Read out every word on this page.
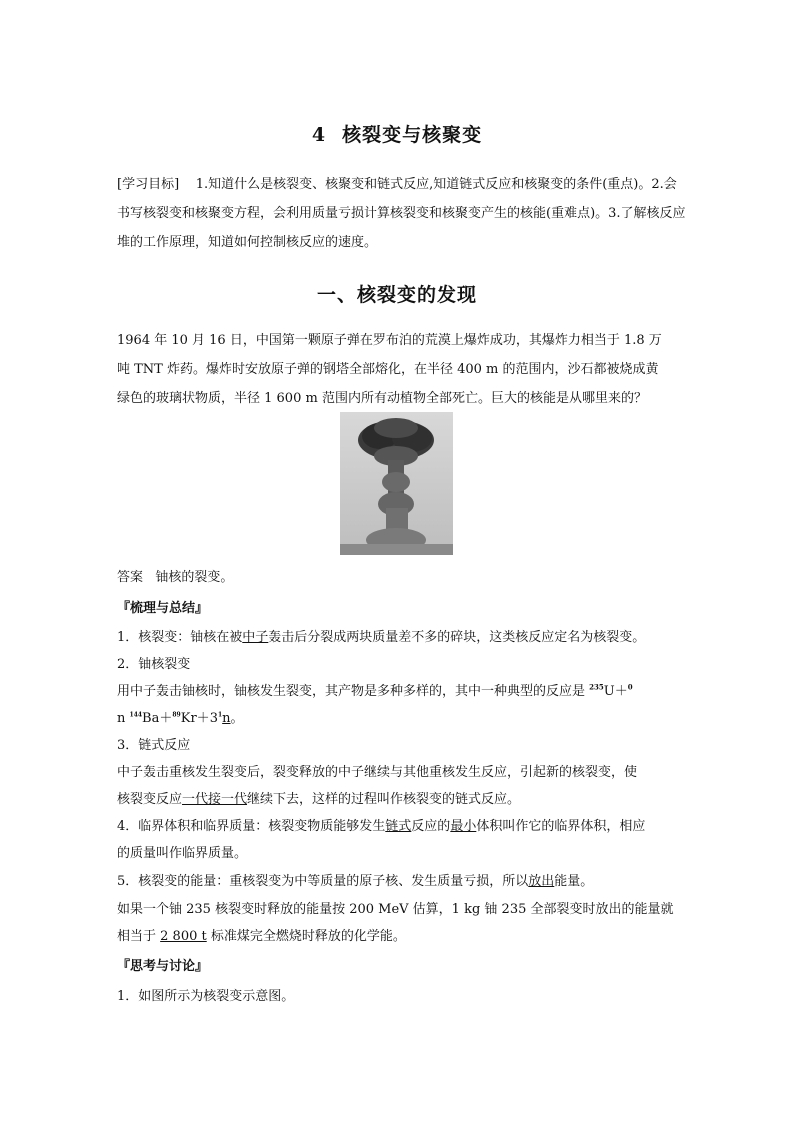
4 核裂变与核聚变
[学习目标] 1.知道什么是核裂变、核聚变和链式反应,知道链式反应和核聚变的条件(重点)。2.会书写核裂变和核聚变方程，会利用质量亏损计算核裂变和核聚变产生的核能(重难点)。3.了解核反应堆的工作原理，知道如何控制核反应的速度。
一、核裂变的发现
1964 年 10 月 16 日，中国第一颗原子弹在罗布泊的荒漠上爆炸成功，其爆炸力相当于 1.8 万
吨 TNT 炸药。爆炸时安放原子弹的钢塔全部熔化，在半径 400 m 的范围内，沙石都被烧成黄
绿色的玻璃状物质，半径 1 600 m 范围内所有动植物全部死亡。巨大的核能是从哪里来的？
答案 铀核的裂变。
『梳理与总结』
1．核裂变：铀核在被中子轰击后分裂成两块质量差不多的碎块，这类核反应定名为核裂变。
2．铀核裂变
用中子轰击铀核时，铀核发生裂变，其产物是多种多样的，其中一种典型的反应是 $^{235}$U＋$^0$
n $^{144}Ba+^{89}Kr+3^1n$。
3．链式反应
中子轰击重核发生裂变后，裂变释放的中子继续与其他重核发生反应，引起新的核裂变，使
核裂变反应一代接一代继续下去，这样的过程叫作核裂变的链式反应。
4．临界体积和临界质量：核裂变物质能够发生链式反应的最小体积叫作它的临界体积，相应
的质量叫作临界质量。
5．核裂变的能量：重核裂变为中等质量的原子核、发生质量亏损，所以放出能量。
如果一个铀 235 核裂变时释放的能量按 200 MeV 估算，1 kg 铀 235 全部裂变时放出的能量就
相当于 2 800 t 标准煤完全燃烧时释放的化学能。
『思考与讨论』
1．如图所示为核裂变示意图。
